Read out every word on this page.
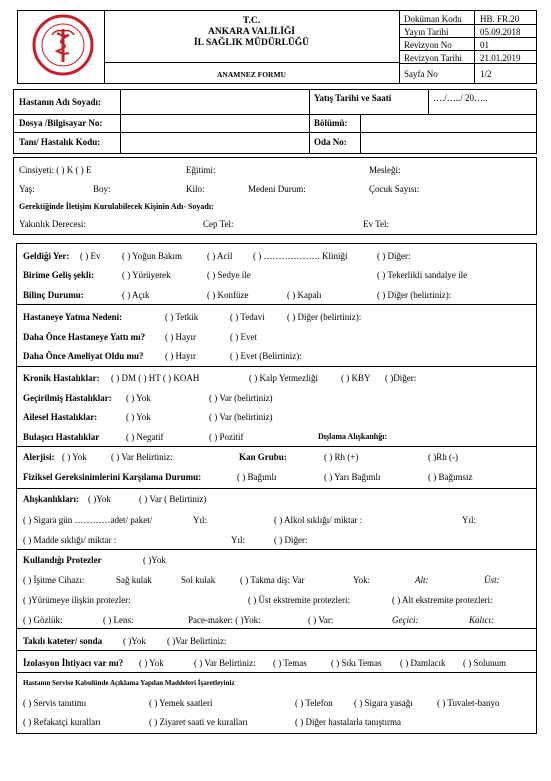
T.C.
ANKARA VALİLİĞİ
İL SAĞLIK MÜDÜRLÜĞÜ
ANAMNEZ FORMU
Doküman Kodu HB. FR.20
Yayın Tarihi	05.09.2018
Revizyon No	01
Revizyon Tarihi 21.01.2019
Sayfa No	1/2
Hastanın Adı Soyadı:	Yatış Tarihi ve Saati	…./…../ 20…..
Dosya /Bilgisayar No:	Bölümü:
Tanı/ Hastalık Kodu:	Oda No:
Cinsiyeti: ( ) K ( ) E	Eğitimi:	Mesleği:
Yaş:	Boy:	Kilo:	Medeni Durum:	Çocuk Sayısı:
Gerektiğinde İletişim Kurulabilecek Kişinin Adı- Soyadı:
Yakınlık Derecesi:	Cep Tel:	Ev Tel:
Geldiği Yer: ( ) Ev ( ) Yoğun Bakım	( ) Acil ( ) ………………. Kliniği	( ) Diğer:
Birime Geliş şekli:	( ) Yürüyerek	( ) Sedye ile	( ) Tekerlikli sandalye ile
Bilinç Durumu:	( ) Açık	( ) Konfüze	( ) Kapalı	( ) Diğer (belirtiniz):
Hastaneye Yatma Nedeni:	( ) Tetkik	( ) Tedavi ( ) Diğer (belirtiniz):
Daha Önce Hastaneye Yattı mı? ( ) Hayır	( ) Evet
Daha Önce Ameliyat Oldu mu? ( ) Hayır	( ) Evet (Belirtiniz):
Kronik Hastalıklar: ( ) DM ( ) HT ( ) KOAH	( ) Kalp Yetmezliği	( ) KBY ( )Diğer:
Geçirilmiş Hastalıklar: ( ) Yok	( ) Var (belirtiniz)
Ailesel Hastalıklar:	( ) Yok	( ) Var (belirtiniz)
Bulaşıcı Hastalıklar	( ) Negatif	( ) Pozitif	Dışlama Alışkanlığı:
Alerjisi: ( ) Yok	( ) Var Belirtiniz:	Kan Grubu:	( ) Rh (+)	( )Rh (-)
Fiziksel Gereksinimlerini Karşılama Durumu:	( ) Bağımlı	( ) Yarı Bağımlı	( ) Bağımsız
Alışkanlıkları: ( )Yok	( ) Var ( Belirtiniz)
( ) Sigara gün …………adet/ paket/	Yıl:	( ) Alkol sıklığı/ miktar :	Yıl:
( ) Madde sıklığı/ miktar :	Yıl:	( ) Diğer:
Kullandığı Protezler	( )Yok
( ) İşitme Cihazı:	Sağ kulak	Sol kulak	( ) Takma diş: Var	Yok:	Alt:	Üst:
( )Yürümeye ilişkin protezler:	( ) Üst ekstremite protezleri:	( ) Alt ekstremite protezleri:
( ) Gözlük:	( ) Lens:	Pace-maker: ( )Yok:	( ) Var:	Geçici:	Kalıcı:
Takılı kateter/ sonda ( )Yok ( )Var Belirtiniz:
İzolasyon İhtiyacı var mı? ( ) Yok	( ) Var Belirtiniz: ( ) Temas	( ) Sıkı Temas ( ) Damlacık ( ) Solunum
Hastanın Servise Kabulünde Açıklama Yapılan Maddeleri İşaretleyiniz
( ) Servis tanıtımı	( ) Yemek saatleri	( ) Telefon ( ) Sigara yasağı	( ) Tuvalet-banyo
( ) Refakatçi kuralları	( ) Ziyaret saati ve kuralları	( ) Diğer hastalarla tanıştırma
